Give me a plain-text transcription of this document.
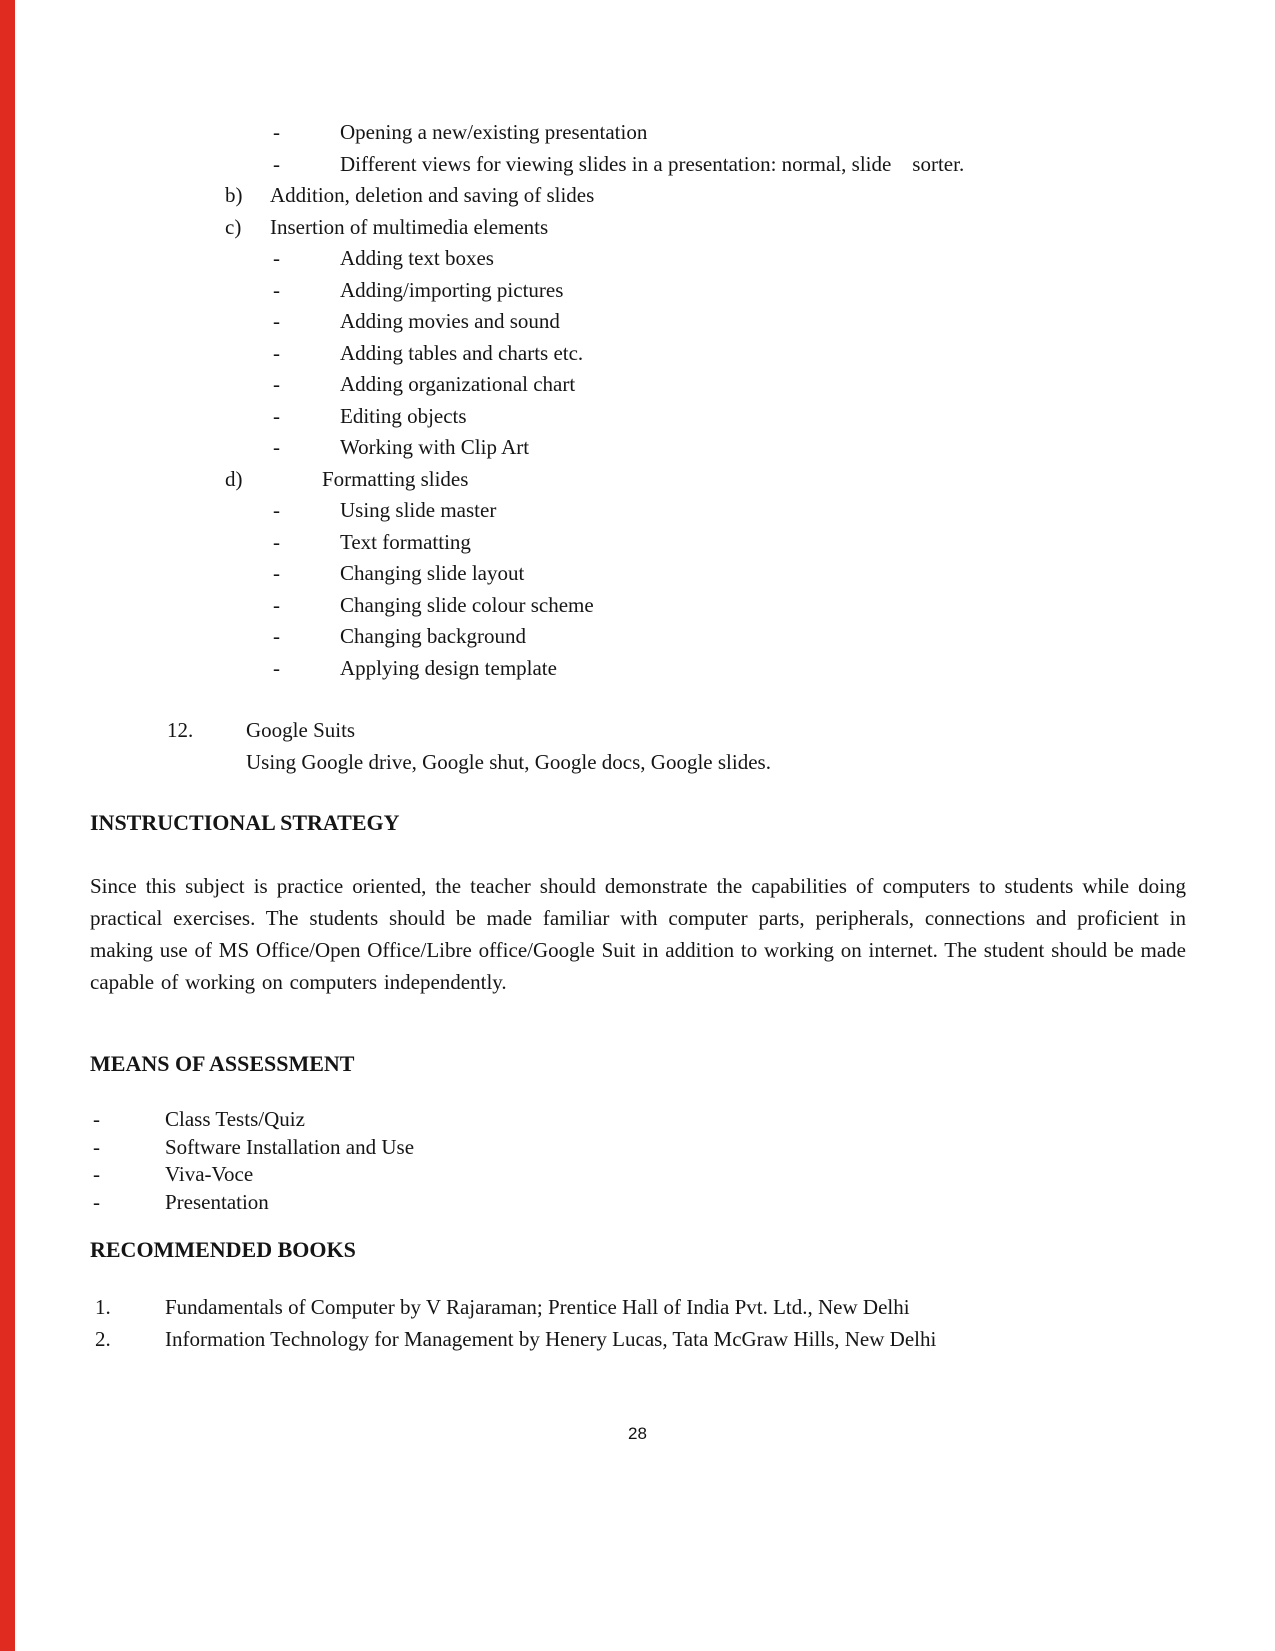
-	Opening a new/existing presentation
-	Different views for viewing slides in a presentation: normal, slide    sorter.
b)	Addition, deletion and saving of slides
c)	Insertion of multimedia elements
-	Adding text boxes
-	Adding/importing pictures
-	Adding movies and sound
-	Adding tables and charts etc.
-	Adding organizational chart
-	Editing objects
-	Working with Clip Art
d)	Formatting slides
-	Using slide master
-	Text formatting
-	Changing slide layout
-	Changing slide colour scheme
-	Changing background
-	Applying design template
12.	Google Suits
Using Google drive, Google shut, Google docs, Google slides.
INSTRUCTIONAL STRATEGY

Since this subject is practice oriented, the teacher should demonstrate the capabilities of computers to students while doing practical exercises. The students should be made familiar with computer parts, peripherals, connections and proficient in making use of MS Office/Open Office/Libre office/Google Suit in addition to working on internet. The student should be made capable of working on computers independently.

MEANS OF ASSESSMENT
-	Class Tests/Quiz
-	Software Installation and Use
-	Viva-Voce
-	Presentation
RECOMMENDED BOOKS
1.	Fundamentals of Computer by V Rajaraman; Prentice Hall of India Pvt. Ltd., New Delhi
2.	Information Technology for Management by Henery Lucas, Tata McGraw Hills, New Delhi
28
